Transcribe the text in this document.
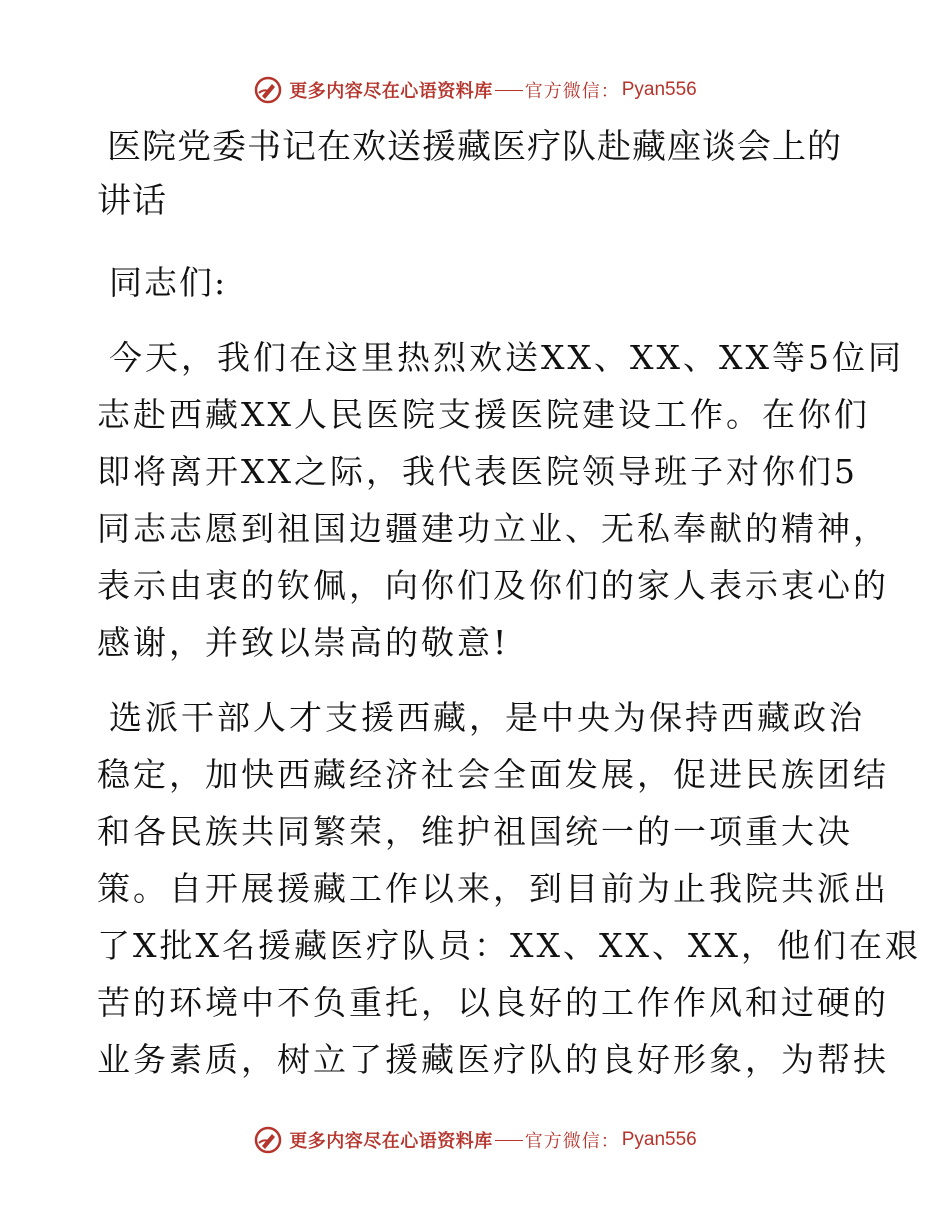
更多内容尽在心语资料库 官方微信： Pyan556
医院党委书记在欢送援藏医疗队赴藏座谈会上的
讲话
同志们:
今天，我们在这里热烈欢送XX、XX、XX等5位同
志赴西藏XX人民医院支援医院建设工作。在你们
即将离开XX之际，我代表医院领导班子对你们5
同志志愿到祖国边疆建功立业、无私奉献的精神，
表示由衷的钦佩，向你们及你们的家人表示衷心的
感谢，并致以崇高的敬意!
选派干部人才支援西藏，是中央为保持西藏政治
稳定，加快西藏经济社会全面发展，促进民族团结
和各民族共同繁荣，维护祖国统一的一项重大决
策。自开展援藏工作以来，到目前为止我院共派出
了X批X名援藏医疗队员：XX、XX、XX，他们在艰
苦的环境中不负重托，以良好的工作作风和过硬的
业务素质，树立了援藏医疗队的良好形象，为帮扶
更多内容尽在心语资料库 官方微信： Pyan556
